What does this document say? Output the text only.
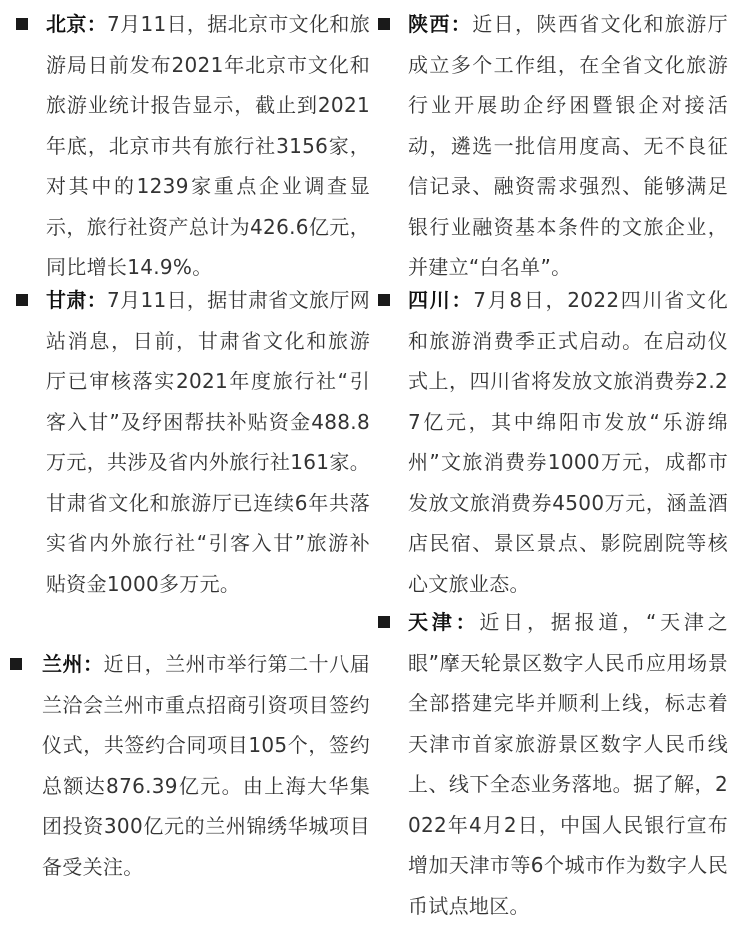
北京：7月11日，据北京市文化和旅游局日前发布2021年北京市文化和旅游业统计报告显示，截止到2021年底，北京市共有旅行社3156家，对其中的1239家重点企业调查显示，旅行社资产总计为426.6亿元，同比增长14.9%。
甘肃：7月11日，据甘肃省文旅厅网站消息，日前，甘肃省文化和旅游厅已审核落实2021年度旅行社“引客入甘”及纾困帮扶补贴资金488.8万元，共涉及省内外旅行社161家。甘肃省文化和旅游厅已连续6年共落实省内外旅行社“引客入甘”旅游补贴资金1000多万元。
兰州：近日，兰州市举行第二十八届兰洽会兰州市重点招商引资项目签约仪式，共签约合同项目105个，签约总额达876.39亿元。由上海大华集团投资300亿元的兰州锦绣华城项目备受关注。
陕西：近日，陕西省文化和旅游厅成立多个工作组，在全省文化旅游行业开展助企纾困暨银企对接活动，遴选一批信用度高、无不良征信记录、融资需求强烈、能够满足银行业融资基本条件的文旅企业，并建立“白名单”。
四川：7月8日，2022四川省文化和旅游消费季正式启动。在启动仪式上，四川省将发放文旅消费券2.27亿元，其中绵阳市发放“乐游绵州”文旅消费券1000万元，成都市发放文旅消费券4500万元，涵盖酒店民宿、景区景点、影院剧院等核心文旅业态。
天津：近日，据报道，“天津之眼”摩天轮景区数字人民币应用场景全部搭建完毕并顺利上线，标志着天津市首家旅游景区数字人民币线上、线下全态业务落地。据了解，2022年4月2日，中国人民银行宣布增加天津市等6个城市作为数字人民币试点地区。
